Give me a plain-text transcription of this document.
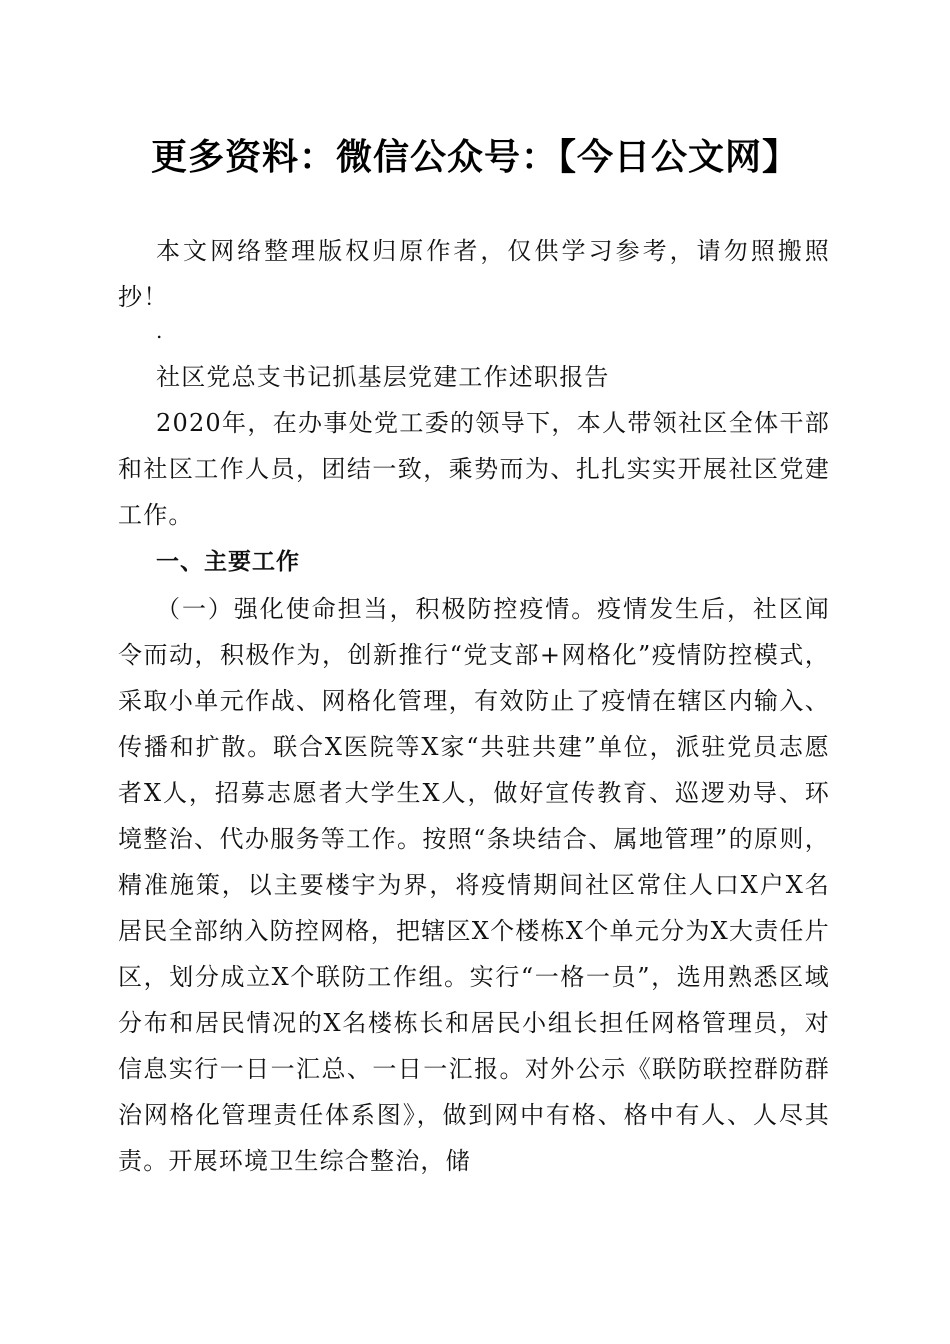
更多资料：微信公众号：【今日公文网】

本文网络整理版权归原作者，仅供学习参考，请勿照搬照抄！

.

社区党总支书记抓基层党建工作述职报告

2020年，在办事处党工委的领导下，本人带领社区全体干部和社区工作人员，团结一致，乘势而为、扎扎实实开展社区党建工作。

一、主要工作

（一）强化使命担当，积极防控疫情。疫情发生后，社区闻令而动，积极作为，创新推行“党支部+网格化”疫情防控模式，采取小单元作战、网格化管理，有效防止了疫情在辖区内输入、传播和扩散。联合X医院等X家“共驻共建”单位，派驻党员志愿者X人，招募志愿者大学生X人，做好宣传教育、巡逻劝导、环境整治、代办服务等工作。按照“条块结合、属地管理”的原则，精准施策，以主要楼宇为界，将疫情期间社区常住人口X户X名居民全部纳入防控网格，把辖区X个楼栋X个单元分为X大责任片区，划分成立X个联防工作组。实行“一格一员”，选用熟悉区域分布和居民情况的X名楼栋长和居民小组长担任网格管理员，对信息实行一日一汇总、一日一汇报。对外公示《联防联控群防群治网格化管理责任体系图》，做到网中有格、格中有人、人尽其责。开展环境卫生综合整治，储
